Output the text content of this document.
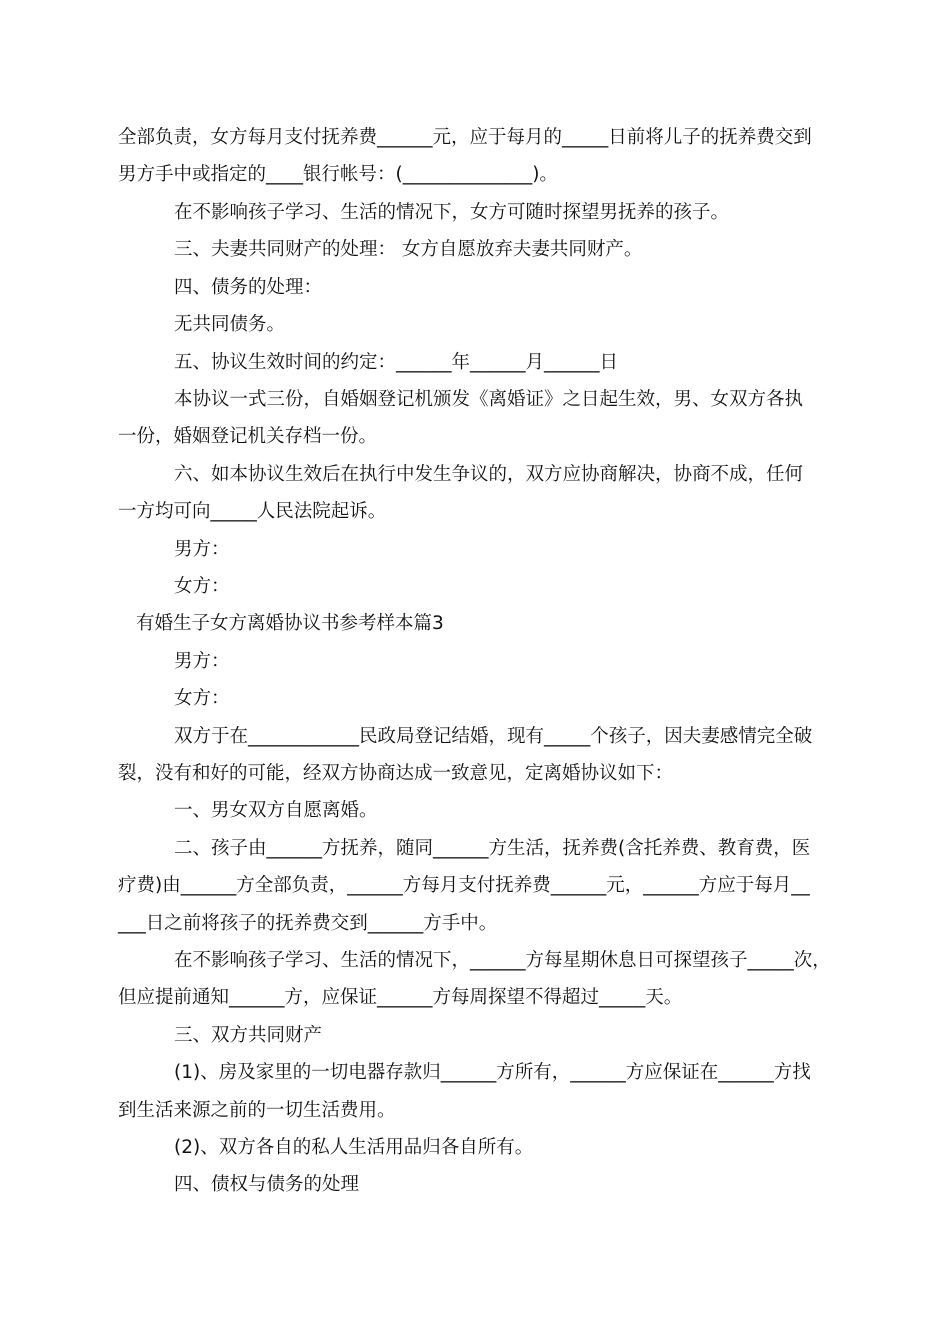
全部负责，女方每月支付抚养费______元，应于每月的_____日前将儿子的抚养费交到
男方手中或指定的____银行帐号：(______________)。
在不影响孩子学习、生活的情况下，女方可随时探望男抚养的孩子。
三、夫妻共同财产的处理： 女方自愿放弃夫妻共同财产。
四、债务的处理：
无共同债务。
五、协议生效时间的约定：______年______月______日
本协议一式三份，自婚姻登记机颁发《离婚证》之日起生效，男、女双方各执
一份，婚姻登记机关存档一份。
六、如本协议生效后在执行中发生争议的，双方应协商解决，协商不成，任何
一方均可向_____人民法院起诉。
男方：
女方：
有婚生子女方离婚协议书参考样本篇3
男方：
女方：
双方于在____________民政局登记结婚，现有_____个孩子，因夫妻感情完全破
裂，没有和好的可能，经双方协商达成一致意见，定离婚协议如下：
一、男女双方自愿离婚。
二、孩子由______方抚养，随同______方生活，抚养费(含托养费、教育费，医
疗费)由______方全部负责，______方每月支付抚养费______元，______方应于每月__
___日之前将孩子的抚养费交到______方手中。
在不影响孩子学习、生活的情况下，______方每星期休息日可探望孩子_____次，
但应提前通知______方，应保证______方每周探望不得超过_____天。
三、双方共同财产
(1)、房及家里的一切电器存款归______方所有，______方应保证在______方找
到生活来源之前的一切生活费用。
(2)、双方各自的私人生活用品归各自所有。
四、债权与债务的处理
